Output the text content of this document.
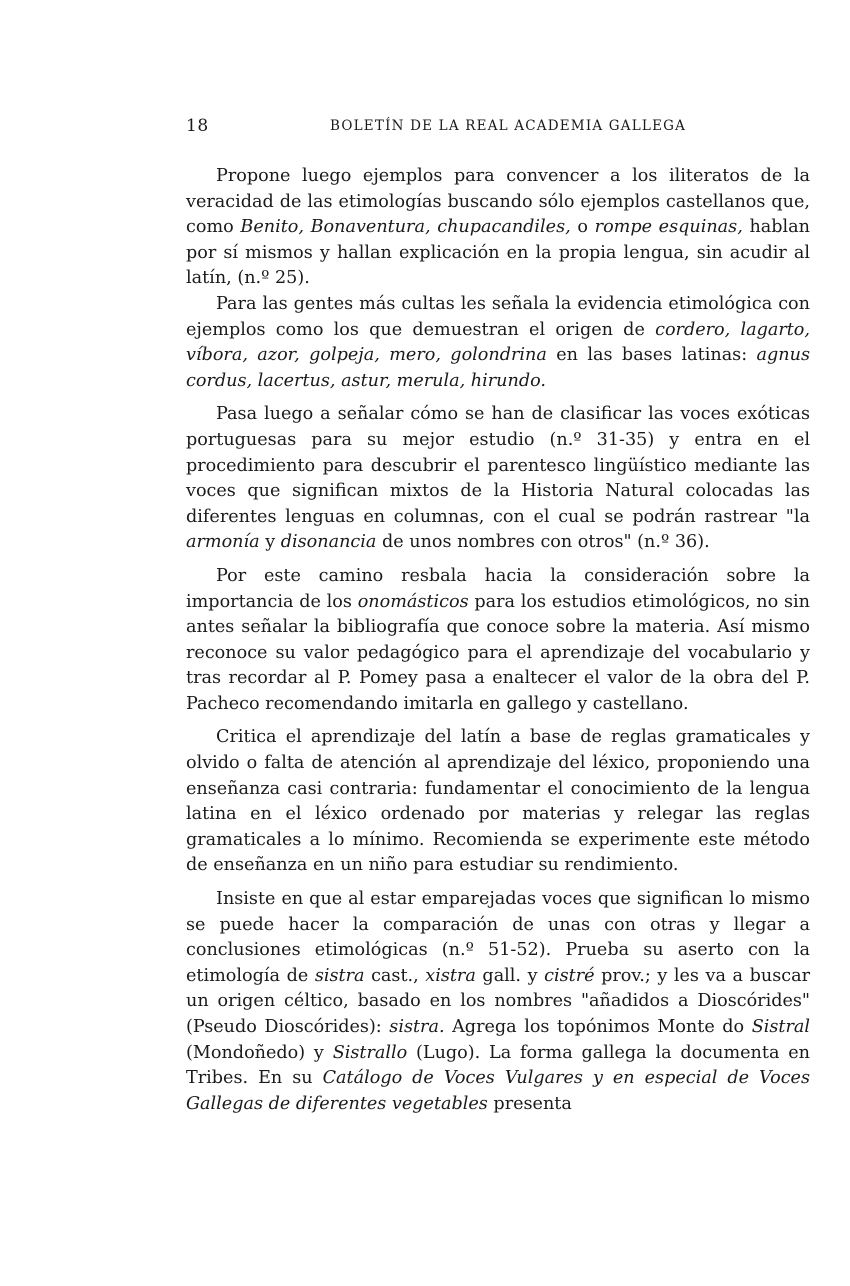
18	BOLETÍN DE LA REAL ACADEMIA GALLEGA

Propone luego ejemplos para convencer a los iliteratos de la veracidad de las etimologías buscando sólo ejemplos castellanos que, como Benito, Bonaventura, chupacandiles, o rompe esquinas, hablan por sí mismos y hallan explicación en la propia lengua, sin acudir al latín, (n.º 25).

Para las gentes más cultas les señala la evidencia etimológica con ejemplos como los que demuestran el origen de cordero, lagarto, víbora, azor, golpeja, mero, golondrina en las bases latinas: agnus cordus, lacertus, astur, merula, hirundo.

Pasa luego a señalar cómo se han de clasificar las voces exóticas portuguesas para su mejor estudio (n.º 31-35) y entra en el procedimiento para descubrir el parentesco lingüístico mediante las voces que significan mixtos de la Historia Natural colocadas las diferentes lenguas en columnas, con el cual se podrán rastrear "la armonía y disonancia de unos nombres con otros" (n.º 36).

Por este camino resbala hacia la consideración sobre la importancia de los onomásticos para los estudios etimológicos, no sin antes señalar la bibliografía que conoce sobre la materia. Así mismo reconoce su valor pedagógico para el aprendizaje del vocabulario y tras recordar al P. Pomey pasa a enaltecer el valor de la obra del P. Pacheco recomendando imitarla en gallego y castellano.

Critica el aprendizaje del latín a base de reglas gramaticales y olvido o falta de atención al aprendizaje del léxico, proponiendo una enseñanza casi contraria: fundamentar el conocimiento de la lengua latina en el léxico ordenado por materias y relegar las reglas gramaticales a lo mínimo. Recomienda se experimente este método de enseñanza en un niño para estudiar su rendimiento.

Insiste en que al estar emparejadas voces que significan lo mismo se puede hacer la comparación de unas con otras y llegar a conclusiones etimológicas (n.º 51-52). Prueba su aserto con la etimología de sistra cast., xistra gall. y cistré prov.; y les va a buscar un origen céltico, basado en los nombres "añadidos a Dioscórides" (Pseudo Dioscórides): sistra. Agrega los topónimos Monte do Sistral (Mondoñedo) y Sistrallo (Lugo). La forma gallega la documenta en Tribes. En su Catálogo de Voces Vulgares y en especial de Voces Gallegas de diferentes vegetables presenta
